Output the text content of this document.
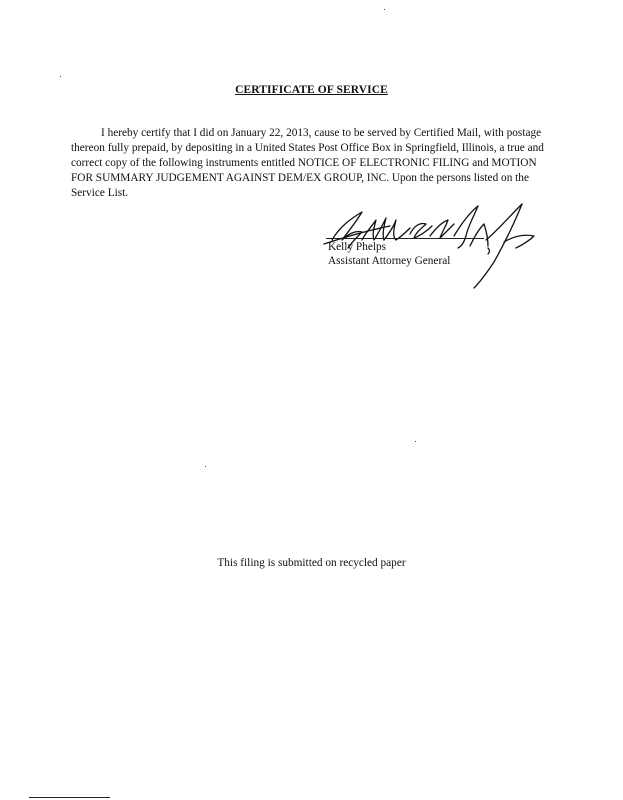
CERTIFICATE OF SERVICE

I hereby certify that I did on January 22, 2013, cause to be served by Certified Mail, with postage thereon fully prepaid, by depositing in a United States Post Office Box in Springfield, Illinois, a true and correct copy of the following instruments entitled NOTICE OF ELECTRONIC FILING and MOTION FOR SUMMARY JUDGEMENT AGAINST DEM/EX GROUP, INC. Upon the persons listed on the Service List.

Kelly Phelps
Assistant Attorney General
This filing is submitted on recycled paper
